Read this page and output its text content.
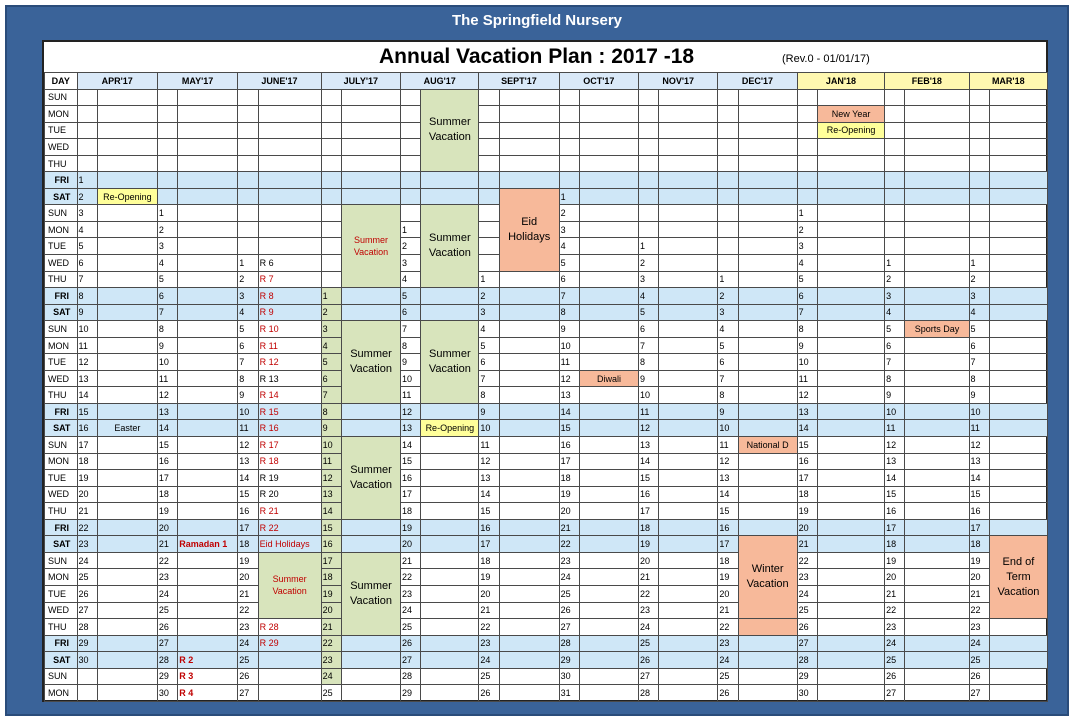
The Springfield Nursery
Annual Vacation Plan : 2017 -18	(Rev.0 - 01/01/17)
DAY	APR'17		MAY'17		JUNE'17		JULY'17		AUG'17		SEPT'17		OCT'17		NOV'17		DEC'17		JAN'18		FEB'18		MAR'18	
SUN										Summer Vacation														
MON																				New Year				
TUE																				Re-Opening				
WED																								
THU																								
FRI	1																							
SAT	2	Re-Opening										Eid Holidays	1											
SUN	3		1					Summer Vacation		Summer Vacation			2						1					
MON	4		2						1				3						2					
TUE	5		3						2				4		1				3					
WED	6		4		1	R 6			3				5		2				4		1		1	
THU	7		5		2	R 7			4		1		6		3		1		5		2		2	
FRI	8		6		3	R 8	1		5		2		7		4		2		6		3		3	
SAT	9		7		4	R 9	2		6		3		8		5		3		7		4		4	
SUN	10		8		5	R 10	3	Summer Vacation	7	Summer Vacation	4		9		6		4		8		5	Sports Day	5	
MON	11		9		6	R 11	4		8		5		10		7		5		9		6		6	
TUE	12		10		7	R 12	5		9		6		11		8		6		10		7		7	
WED	13		11		8	R 13	6		10		7		12	Diwali	9		7		11		8		8	
THU	14		12		9	R 14	7		11		8		13		10		8		12		9		9	
FRI	15		13		10	R 15	8		12		9		14		11		9		13		10		10	
SAT	16	Easter	14		11	R 16	9		13	Re-Opening	10		15		12		10		14		11		11	
SUN	17		15		12	R 17	10	Summer Vacation	14		11		16		13		11	National D	15		12		12	
MON	18		16		13	R 18	11		15		12		17		14		12		16		13		13	
TUE	19		17		14	R 19	12		16		13		18		15		13		17		14		14	
WED	20		18		15	R 20	13		17		14		19		16		14		18		15		15	
THU	21		19		16	R 21	14		18		15		20		17		15		19		16		16	
FRI	22		20		17	R 22	15		19		16		21		18		16		20		17		17	
SAT	23		21	Ramadan 1	18	Eid Holidays	16		20		17		22		19		17	Winter Vacation	21		18		18	End of Term Vacation
SUN	24		22		19	Summer Vacation	17	Summer Vacation	21		18		23		20		18		22		19		19	
MON	25		23		20		18		22		19		24		21		19		23		20		20	
TUE	26		24		21		19		23		20		25		22		20		24		21		21	
WED	27		25		22		20		24		21		26		23		21		25		22		22	
THU	28		26		23	R 28	21		25		22		27		24		22		26		23		23	
FRI	29		27		24	R 29	22		26		23		28		25		23		27		24		24	
SAT	30		28	R 2	25		23		27		24		29		26		24		28		25		25	
SUN			29	R 3	26		24		28		25		30		27		25		29		26		26	
MON			30	R 4	27		25		29		26		31		28		26		30		27		27	
